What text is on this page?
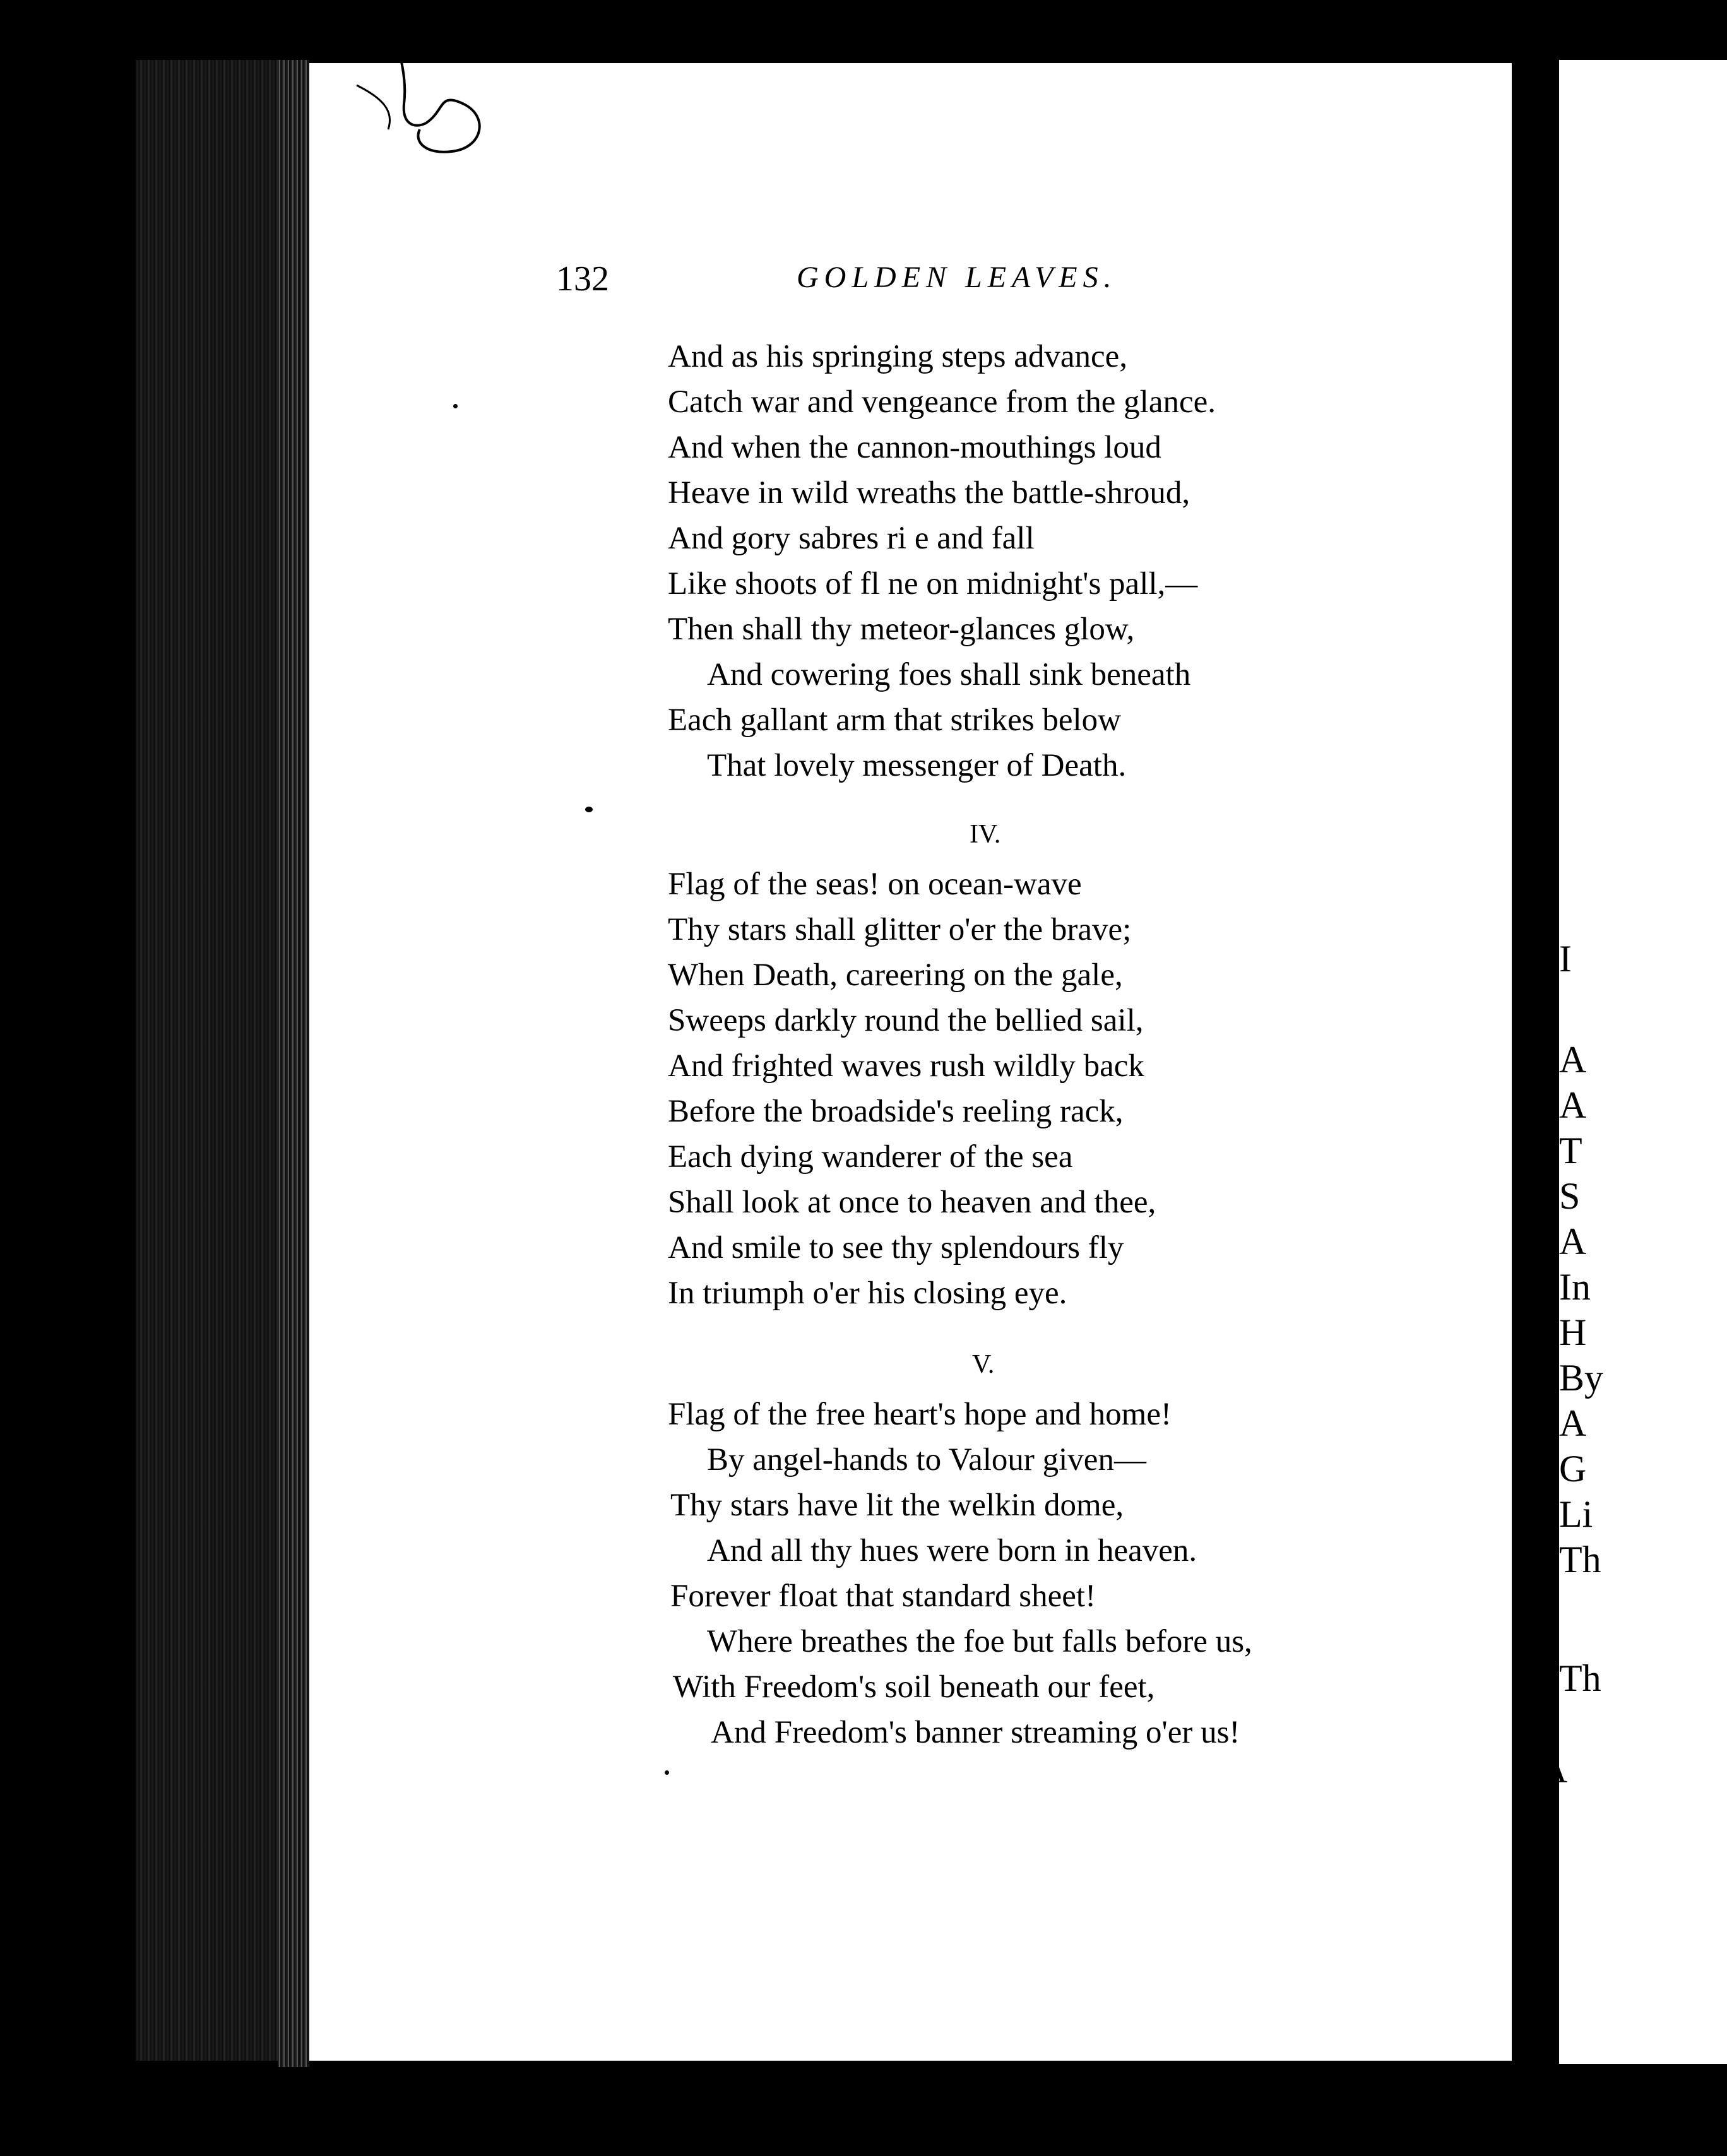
132	GOLDEN LEAVES.
And as his springing steps advance,
Catch war and vengeance from the glance.
And when the cannon-mouthings loud
Heave in wild wreaths the battle-shroud,
And gory sabres ri e and fall
Like shoots of fl ne on midnight's pall,—
Then shall thy meteor-glances glow,
And cowering foes shall sink beneath
Each gallant arm that strikes below
That lovely messenger of Death.
IV.
Flag of the seas! on ocean-wave
Thy stars shall glitter o'er the brave;
When Death, careering on the gale,
Sweeps darkly round the bellied sail,
And frighted waves rush wildly back
Before the broadside's reeling rack,
Each dying wanderer of the sea
Shall look at once to heaven and thee,
And smile to see thy splendours fly
In triumph o'er his closing eye.
V.
Flag of the free heart's hope and home!
By angel-hands to Valour given—
Thy stars have lit the welkin dome,
And all thy hues were born in heaven.
Forever float that standard sheet!
Where breathes the foe but falls before us,
With Freedom's soil beneath our feet,
And Freedom's banner streaming o'er us!
I
A
A
T
S
A
In
H
By
A
G
Li
Th
Th
A
